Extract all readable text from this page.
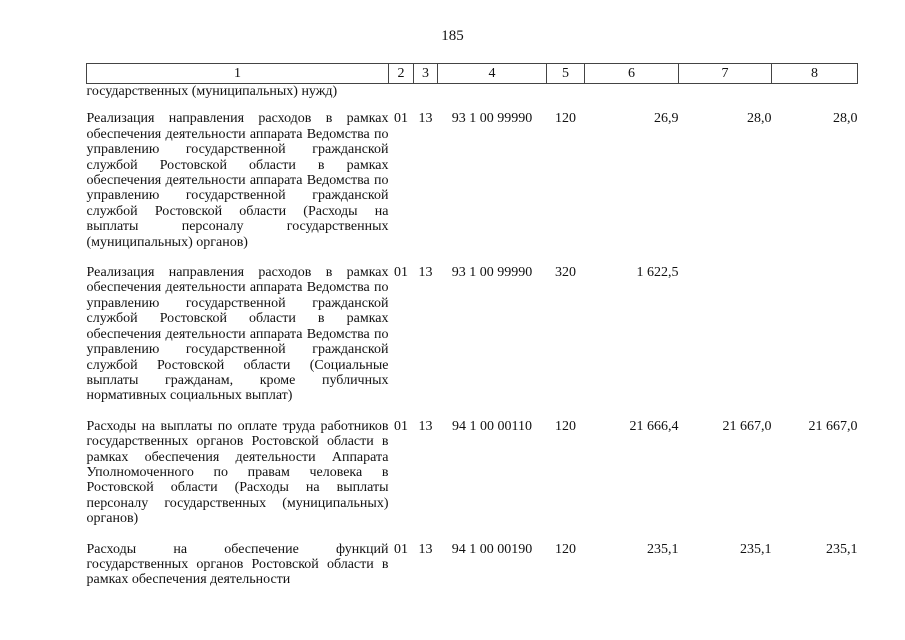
185
1	2	3	4	5	6	7	8
государственных (муниципальных) нужд)							
Реализация направления расходов в рамках обеспечения деятельности аппарата Ведомства по управлению государственной гражданской службой Ростовской области в рамках обеспечения деятельности аппарата Ведомства по управлению государственной гражданской службой Ростовской области (Расходы на выплаты персоналу государственных (муниципальных) органов)	01	13	93 1 00 99990	120	26,9	28,0	28,0
Реализация направления расходов в рамках обеспечения деятельности аппарата Ведомства по управлению государственной гражданской службой Ростовской области в рамках обеспечения деятельности аппарата Ведомства по управлению государственной гражданской службой Ростовской области (Социальные выплаты гражданам, кроме публичных нормативных социальных выплат)	01	13	93 1 00 99990	320	1 622,5		
Расходы на выплаты по оплате труда работников государственных органов Ростовской области в рамках обеспечения деятельности Аппарата Уполномоченного по правам человека в Ростовской области (Расходы на выплаты персоналу государственных (муниципальных) органов)	01	13	94 1 00 00110	120	21 666,4	21 667,0	21 667,0
Расходы на обеспечение функций государственных органов Ростовской области в рамках обеспечения деятельности	01	13	94 1 00 00190	120	235,1	235,1	235,1
